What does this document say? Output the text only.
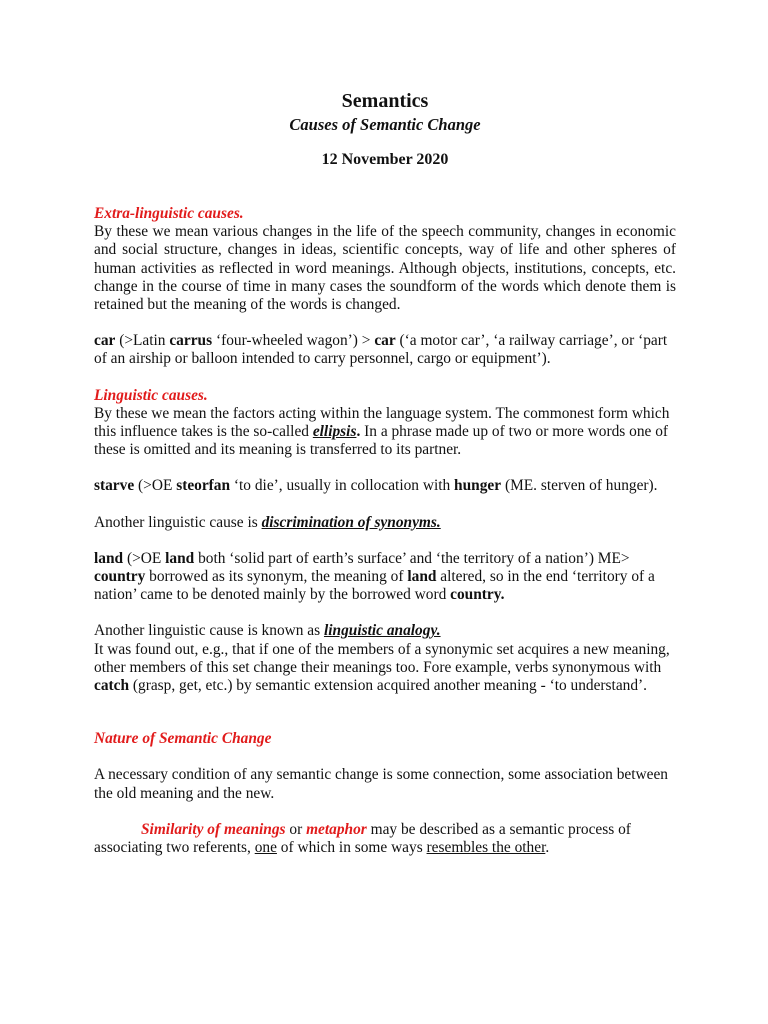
Semantics
Causes of Semantic Change
12 November 2020
Extra-linguistic causes.

By these we mean various changes in the life of the speech community, changes in economic and social structure, changes in ideas, scientific concepts, way of life and other spheres of human activities as reflected in word meanings. Although objects, institutions, concepts, etc. change in the course of time in many cases the soundform of the words which denote them is retained but the meaning of the words is changed.

car (>Latin carrus ‘four-wheeled wagon’) > car (‘a motor car’, ‘a railway carriage’, or ‘part of an airship or balloon intended to carry personnel, cargo or equipment’).

Linguistic causes.

By these we mean the factors acting within the language system. The commonest form which this influence takes is the so-called ellipsis. In a phrase made up of two or more words one of these is omitted and its meaning is transferred to its partner.

starve (>OE steorfan ‘to die’, usually in collocation with hunger (ME. sterven of hunger).

Another linguistic cause is discrimination of synonyms.

land (>OE land both ‘solid part of earth’s surface’ and ‘the territory of a nation’) ME> country borrowed as its synonym, the meaning of land altered, so in the end ‘territory of a nation’ came to be denoted mainly by the borrowed word country.

Another linguistic cause is known as linguistic analogy.

It was found out, e.g., that if one of the members of a synonymic set acquires a new meaning, other members of this set change their meanings too. Fore example, verbs synonymous with catch (grasp, get, etc.) by semantic extension acquired another meaning - ‘to understand’.

Nature of Semantic Change

A necessary condition of any semantic change is some connection, some association between the old meaning and the new.

Similarity of meanings or metaphor may be described as a semantic process of associating two referents, one of which in some ways resembles the other.
